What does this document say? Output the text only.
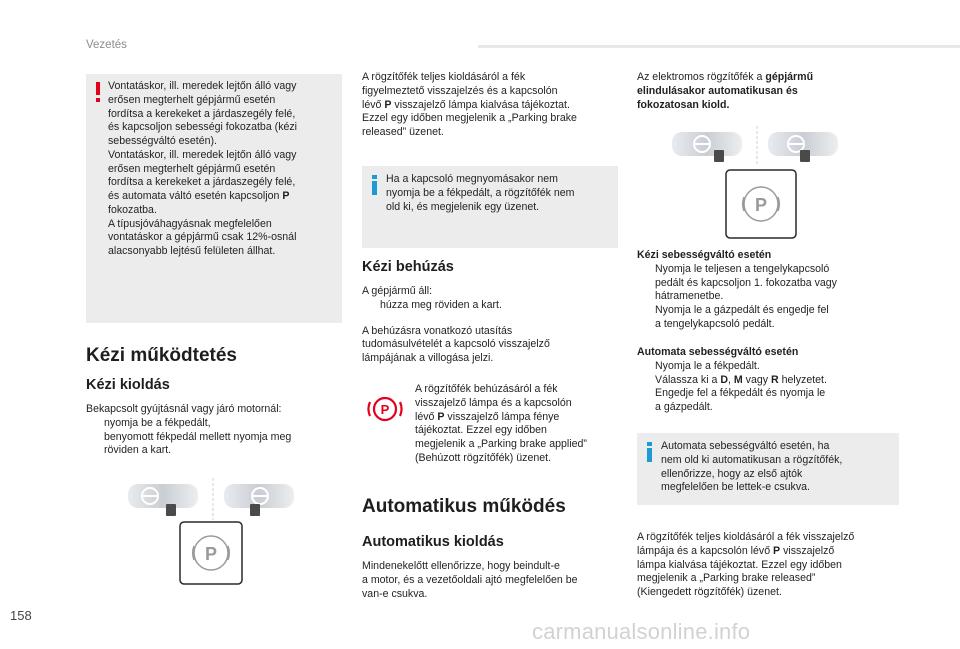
Vezetés
Vontatáskor, ill. meredek lejtőn álló vagy
erősen megterhelt gépjármű esetén
fordítsa a kerekeket a járdaszegély felé,
és kapcsoljon sebességi fokozatba (kézi
sebességváltó esetén).
Vontatáskor, ill. meredek lejtőn álló vagy
erősen megterhelt gépjármű esetén
fordítsa a kerekeket a járdaszegély felé,
és automata váltó esetén kapcsoljon P
fokozatba.
A típusjóváhagyásnak megfelelően
vontatáskor a gépjármű csak 12%-osnál
alacsonyabb lejtésű felületen állhat.
Kézi működtetés
Kézi kioldás
Bekapcsolt gyújtásnál vagy járó motornál:
nyomja be a fékpedált,
benyomott fékpedál mellett nyomja meg
röviden a kart.
P
A rögzítőfék teljes kioldásáról a fék
figyelmeztető visszajelzés és a kapcsolón
lévő P visszajelző lámpa kialvása tájékoztat.
Ezzel egy időben megjelenik a „Parking brake
released” üzenet.
Ha a kapcsoló megnyomásakor nem
nyomja be a fékpedált, a rögzítőfék nem
old ki, és megjelenik egy üzenet.
Kézi behúzás
A gépjármű áll:
húzza meg röviden a kart.
A behúzásra vonatkozó utasítás
tudomásulvételét a kapcsoló visszajelző
lámpájának a villogása jelzi.
P
A rögzítőfék behúzásáról a fék
visszajelző lámpa és a kapcsolón
lévő P visszajelző lámpa fénye
tájékoztat. Ezzel egy időben
megjelenik a „Parking brake applied”
(Behúzott rögzítőfék) üzenet.
Automatikus működés
Automatikus kioldás
Mindenekelőtt ellenőrizze, hogy beindult-e
a motor, és a vezetőoldali ajtó megfelelően be
van-e csukva.
Az elektromos rögzítőfék a gépjármű
elindulásakor automatikusan és
fokozatosan kiold.
P
Kézi sebességváltó esetén
Nyomja le teljesen a tengelykapcsoló
pedált és kapcsoljon 1. fokozatba vagy
hátramenetbe.
Nyomja le a gázpedált és engedje fel
a tengelykapcsoló pedált.
Automata sebességváltó esetén
Nyomja le a fékpedált.
Válassza ki a D, M vagy R helyzetet.
Engedje fel a fékpedált és nyomja le
a gázpedált.
Automata sebességváltó esetén, ha
nem old ki automatikusan a rögzítőfék,
ellenőrizze, hogy az első ajtók
megfelelően be lettek-e csukva.
A rögzítőfék teljes kioldásáról a fék visszajelző
lámpája és a kapcsolón lévő P visszajelző
lámpa kialvása tájékoztat. Ezzel egy időben
megjelenik a „Parking brake released”
(Kiengedett rögzítőfék) üzenet.
158
carmanualsonline.info
